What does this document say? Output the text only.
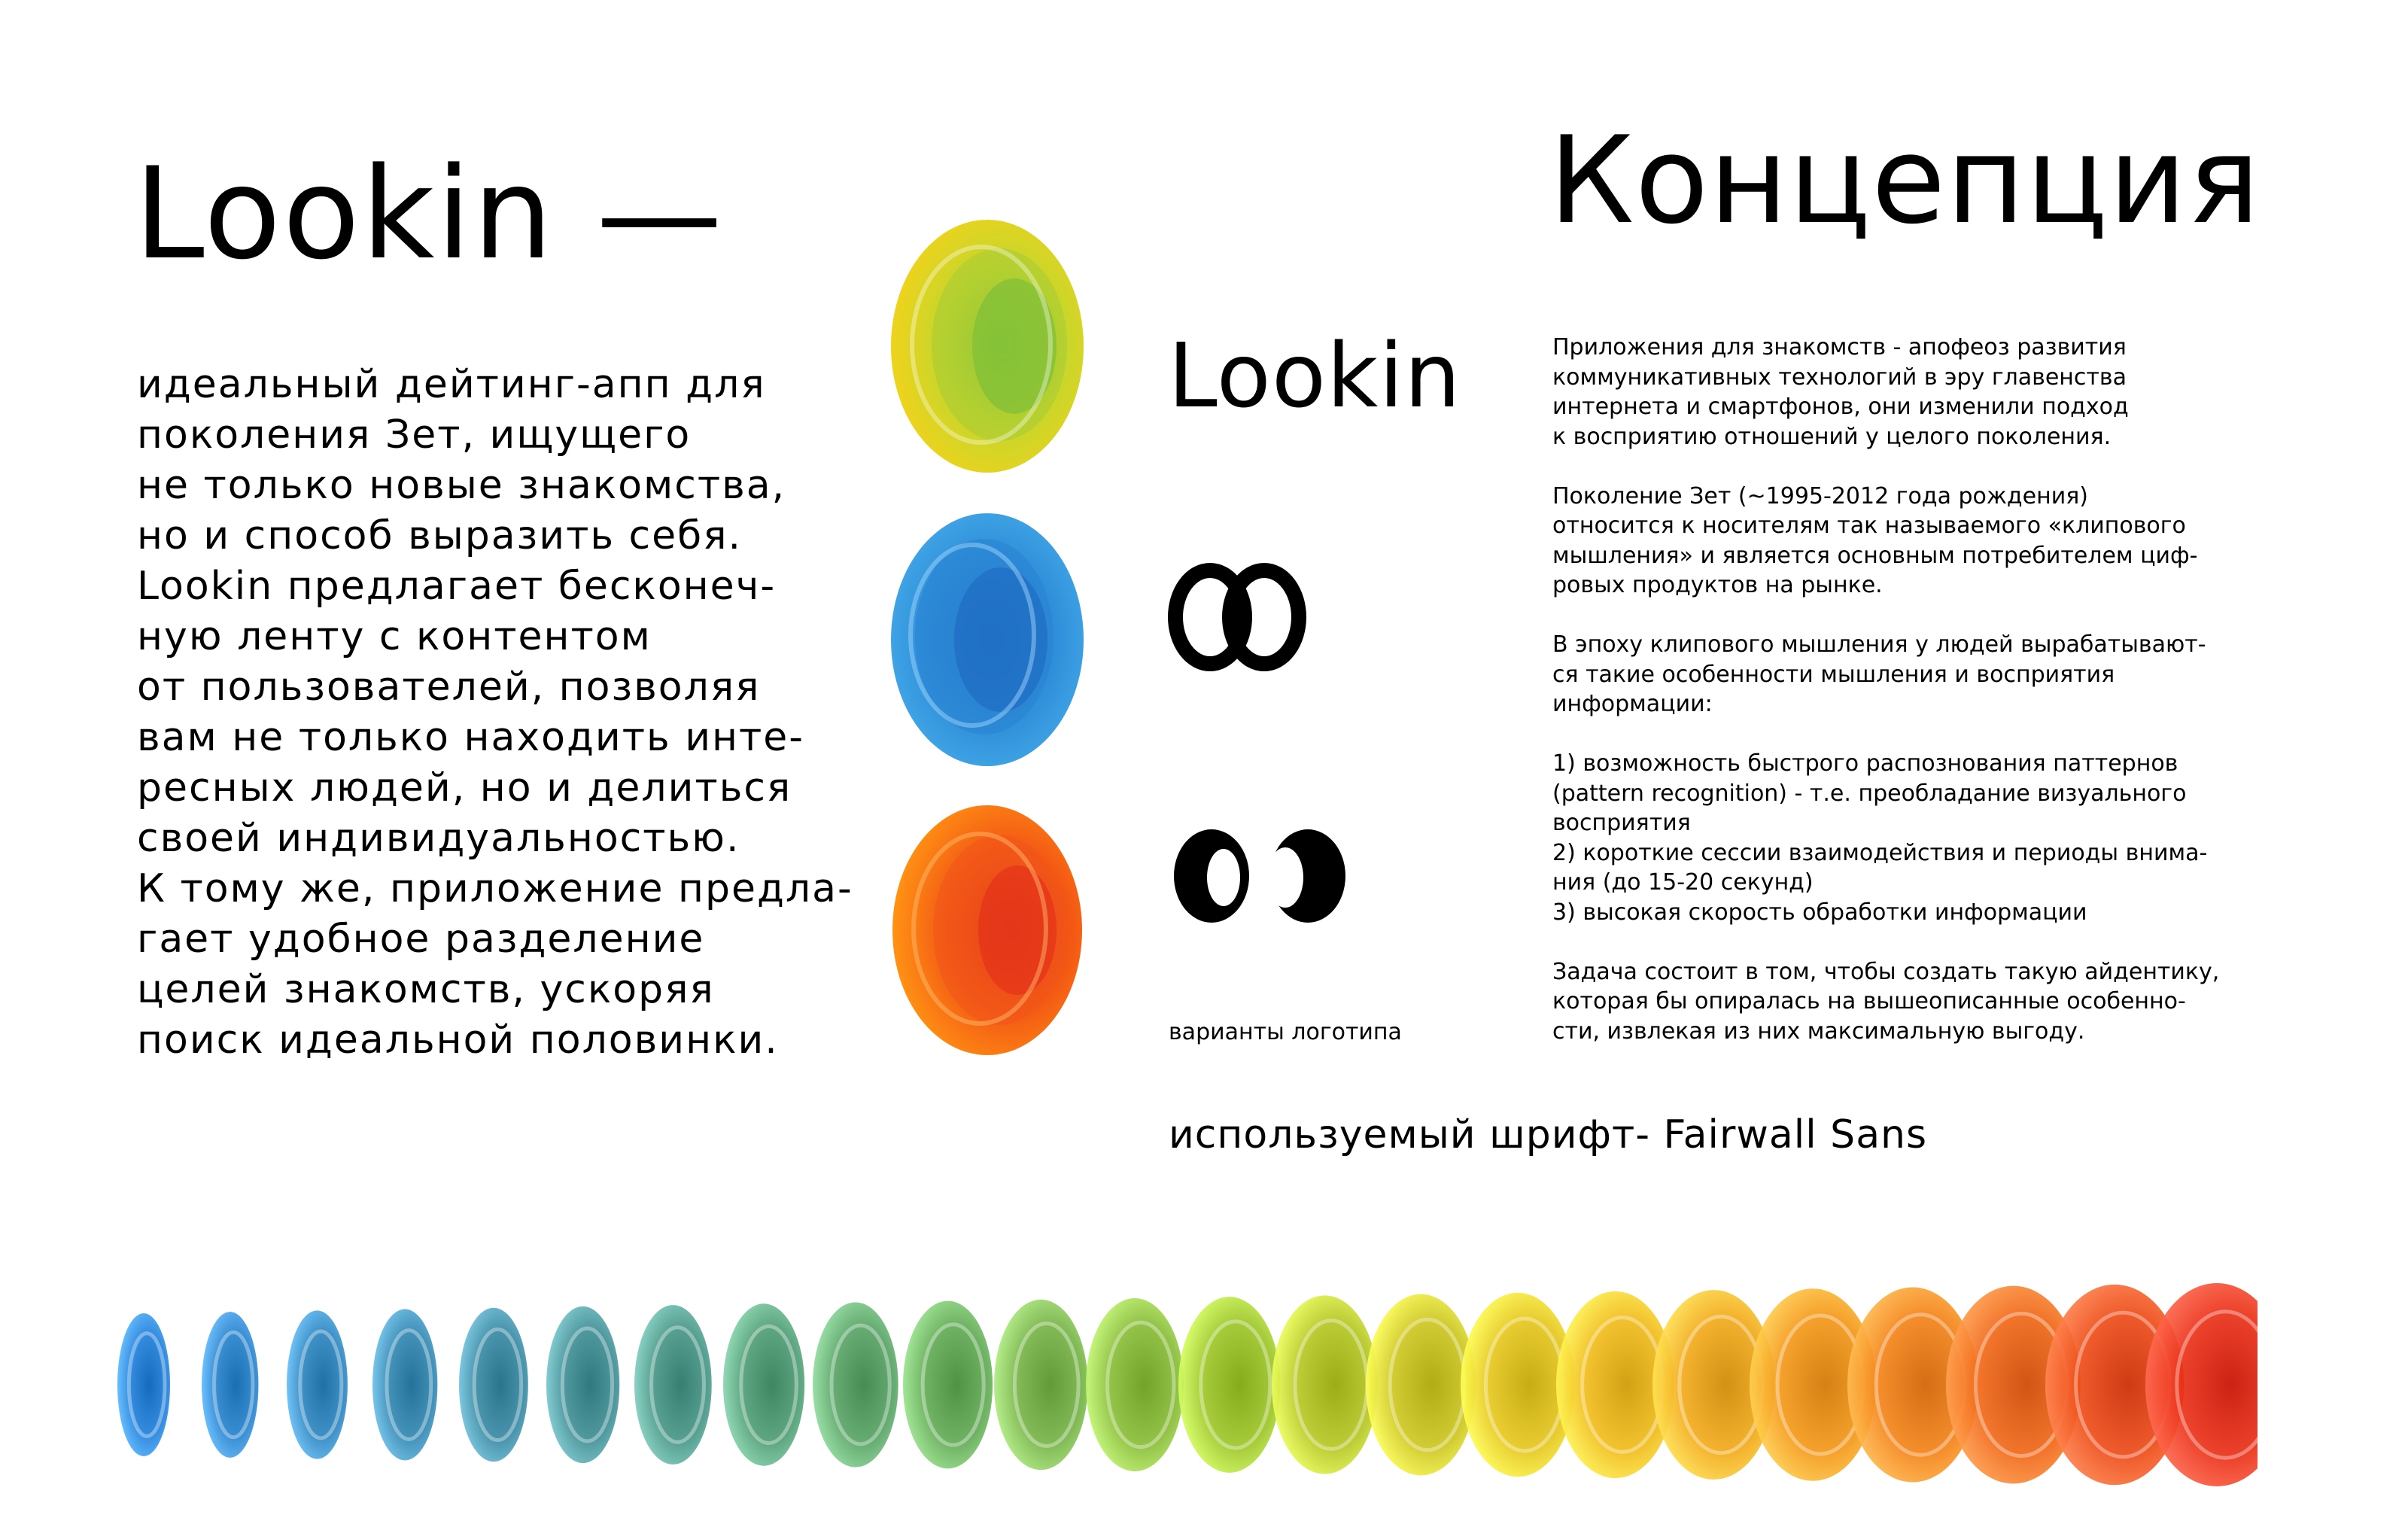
Lookin —
идеальный дейтинг-апп для
поколения Зет, ищущего
не только новые знакомства,
но и способ выразить себя.
Lookin предлагает бесконеч-
ную ленту с контентом
от пользователей, позволяя
вам не только находить инте-
ресных людей, но и делиться
своей индивидуальностью.
К тому же, приложение предла-
гает удобное разделение
целей знакомств, ускоряя
поиск идеальной половинки.
Lookin
варианты логотипа
Концепция
Приложения для знакомств - апофеоз развития
коммуникативных технологий в эру главенства
интернета и смартфонов, они изменили подход
к восприятию отношений у целого поколения.
Поколение Зет (~1995-2012 года рождения)
относится к носителям так называемого «клипового
мышления» и является основным потребителем циф-
ровых продуктов на рынке.
В эпоху клипового мышления у людей вырабатывают-
ся такие особенности мышления и восприятия
информации:
1) возможность быстрого распознования паттернов
(pattern recognition) - т.е. преобладание визуального
восприятия
2) короткие сессии взаимодействия и периоды внима-
ния (до 15-20 секунд)
3) высокая скорость обработки информации
Задача состоит в том, чтобы создать такую айдентику,
которая бы опиралась на вышеописанные особенно-
сти, извлекая из них максимальную выгоду.
используемый шрифт- Fairwall Sans
